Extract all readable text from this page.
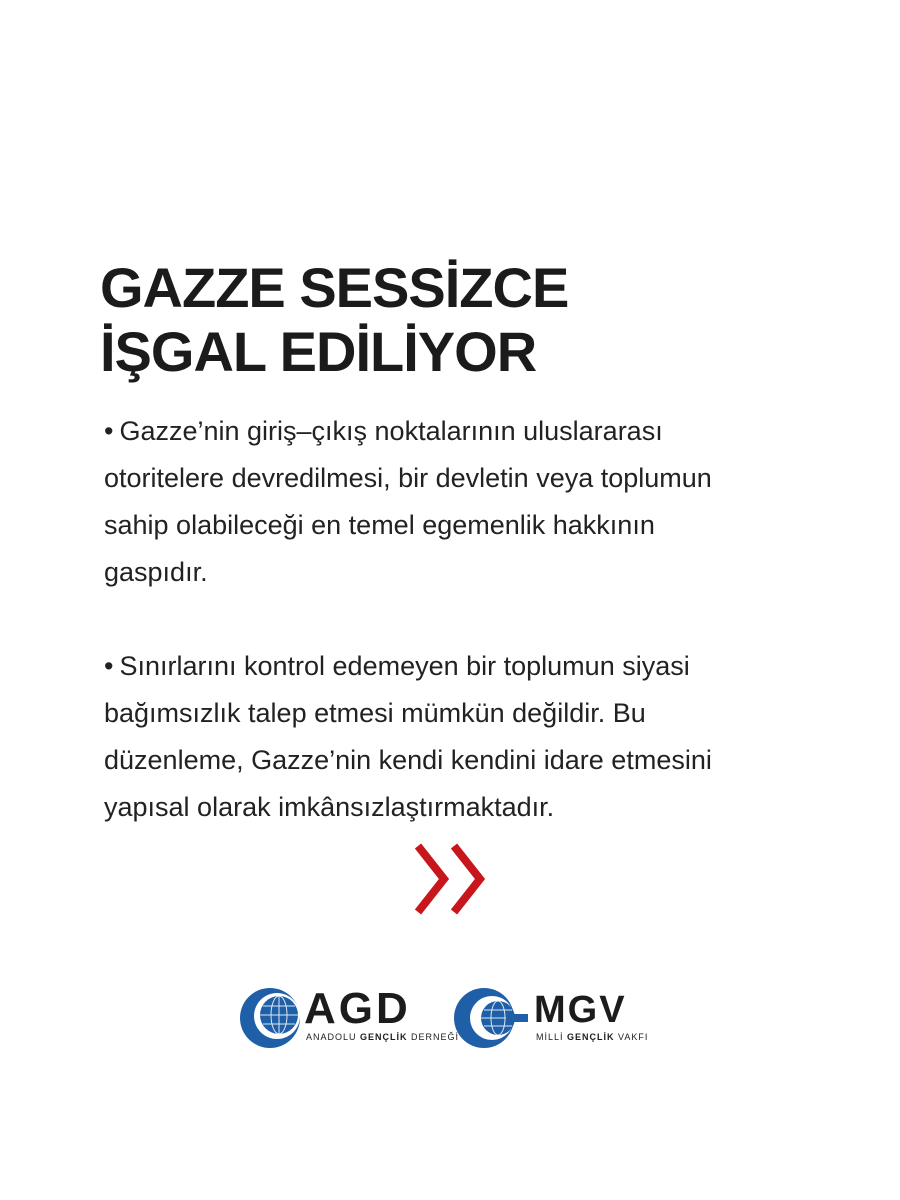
GAZZE SESSİZCE
İŞGAL EDİLİYOR

• Gazze’nin giriş–çıkış noktalarının uluslararası
otoritelere devredilmesi, bir devletin veya toplumun
sahip olabileceği en temel egemenlik hakkının
gaspıdır.

• Sınırlarını kontrol edemeyen bir toplumun siyasi
bağımsızlık talep etmesi mümkün değildir. Bu
düzenleme, Gazze’nin kendi kendini idare etmesini
yapısal olarak imkânsızlaştırmaktadır.

AGD
ANADOLU GENÇLİK DERNEĞİ
MGV
MİLLİ GENÇLİK VAKFI
